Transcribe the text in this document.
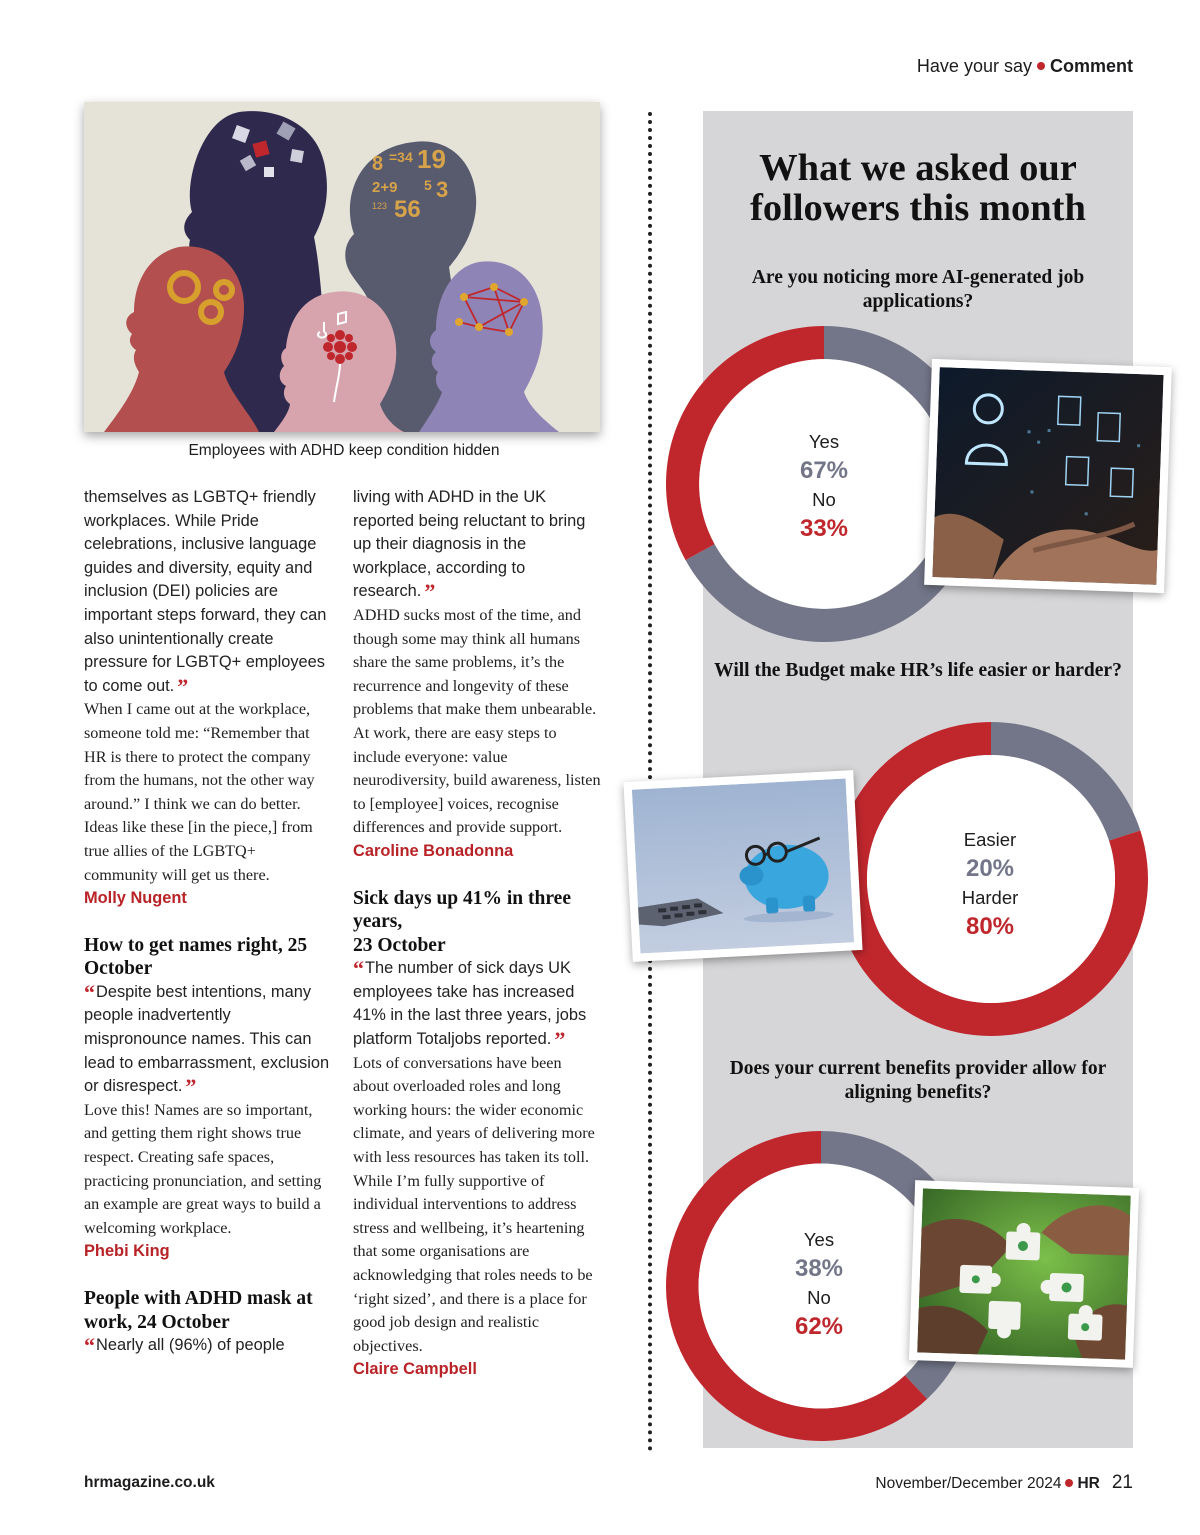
Have your say Comment
8 =34 19
2+9
123 56
5 3
Employees with ADHD keep condition hidden

themselves as LGBTQ+ friendly workplaces. While Pride celebrations, inclusive language guides and diversity, equity and inclusion (DEI) policies are important steps forward, they can also unintentionally create pressure for LGBTQ+ employees to come out. ”

When I came out at the workplace, someone told me: “Remember that HR is there to protect the company from the humans, not the other way around.” I think we can do better. Ideas like these [in the piece,] from true allies of the LGBTQ+ community will get us there.

Molly Nugent

How to get names right, 25 October

“ Despite best intentions, many people inadvertently mispronounce names. This can lead to embarrassment, exclusion or disrespect. ”

Love this! Names are so important, and getting them right shows true respect. Creating safe spaces, practicing pronunciation, and setting an example are great ways to build a welcoming workplace.

Phebi King

People with ADHD mask at work, 24 October

“ Nearly all (96%) of people

living with ADHD in the UK reported being reluctant to bring up their diagnosis in the workplace, according to research. ”

ADHD sucks most of the time, and though some may think all humans share the same problems, it’s the recurrence and longevity of these problems that make them unbearable. At work, there are easy steps to include everyone: value neurodiversity, build awareness, listen to [employee] voices, recognise differences and provide support.

Caroline Bonadonna

Sick days up 41% in three years,
23 October

“ The number of sick days UK employees take has increased 41% in the last three years, jobs platform Totaljobs reported. ”

Lots of conversations have been about overloaded roles and long working hours: the wider economic climate, and years of delivering more with less resources has taken its toll. While I’m fully supportive of individual interventions to address stress and wellbeing, it’s heartening that some organisations are acknowledging that roles needs to be ‘right sized’, and there is a place for good job design and realistic objectives.

Claire Campbell

What we asked our followers this month
Are you noticing more AI-generated job applications?
Yes
67%
No
33%
Will the Budget make HR’s life easier or harder?
Easier
20%
Harder
80%
Does your current benefits provider allow for aligning benefits?
Yes
38%
No
62%
hrmagazine.co.uk	November/December 2024 HR 21
